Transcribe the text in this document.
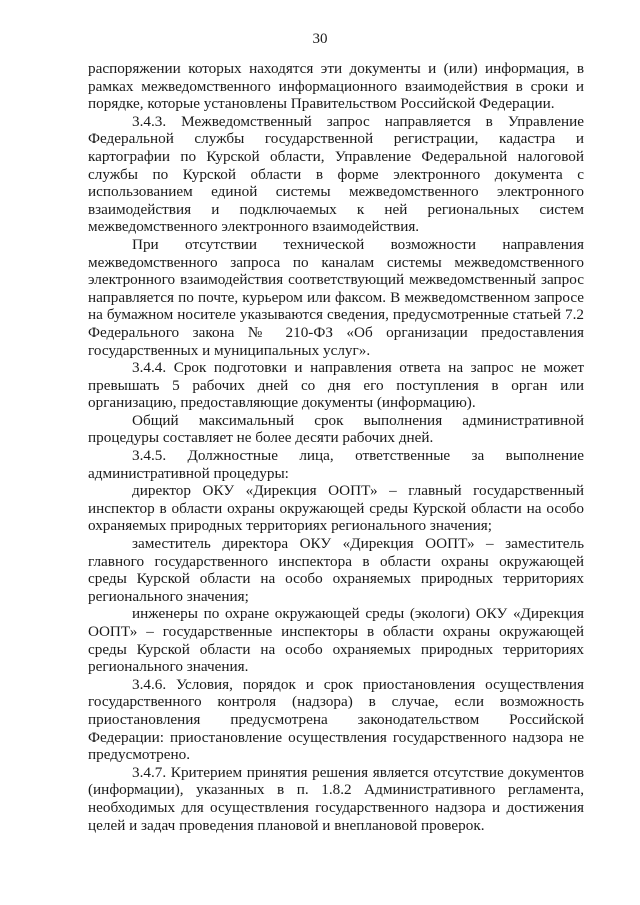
30

распоряжении которых находятся эти документы и (или) информация, в рамках межведомственного информационного взаимодействия в сроки и порядке, которые установлены Правительством Российской Федерации.

3.4.3. Межведомственный запрос направляется в Управление Федеральной службы государственной регистрации, кадастра и картографии по Курской области, Управление Федеральной налоговой службы по Курской области в форме электронного документа с использованием единой системы межведомственного электронного взаимодействия и подключаемых к ней региональных систем межведомственного электронного взаимодействия.

При отсутствии технической возможности направления межведомственного запроса по каналам системы межведомственного электронного взаимодействия соответствующий межведомственный запрос направляется по почте, курьером или факсом. В межведомственном запросе на бумажном носителе указываются сведения, предусмотренные статьей 7.2 Федерального закона № 210-ФЗ «Об организации предоставления государственных и муниципальных услуг».

3.4.4. Срок подготовки и направления ответа на запрос не может превышать 5 рабочих дней со дня его поступления в орган или организацию, предоставляющие документы (информацию).

Общий максимальный срок выполнения административной процедуры составляет не более десяти рабочих дней.

3.4.5. Должностные лица, ответственные за выполнение административной процедуры:

директор ОКУ «Дирекция ООПТ» – главный государственный инспектор в области охраны окружающей среды Курской области на особо охраняемых природных территориях регионального значения;

заместитель директора ОКУ «Дирекция ООПТ» – заместитель главного государственного инспектора в области охраны окружающей среды Курской области на особо охраняемых природных территориях регионального значения;

инженеры по охране окружающей среды (экологи) ОКУ «Дирекция ООПТ» – государственные инспекторы в области охраны окружающей среды Курской области на особо охраняемых природных территориях регионального значения.

3.4.6. Условия, порядок и срок приостановления осуществления государственного контроля (надзора) в случае, если возможность приостановления предусмотрена законодательством Российской Федерации: приостановление осуществления государственного надзора не предусмотрено.

3.4.7. Критерием принятия решения является отсутствие документов (информации), указанных в п. 1.8.2 Административного регламента, необходимых для осуществления государственного надзора и достижения целей и задач проведения плановой и внеплановой проверок.
